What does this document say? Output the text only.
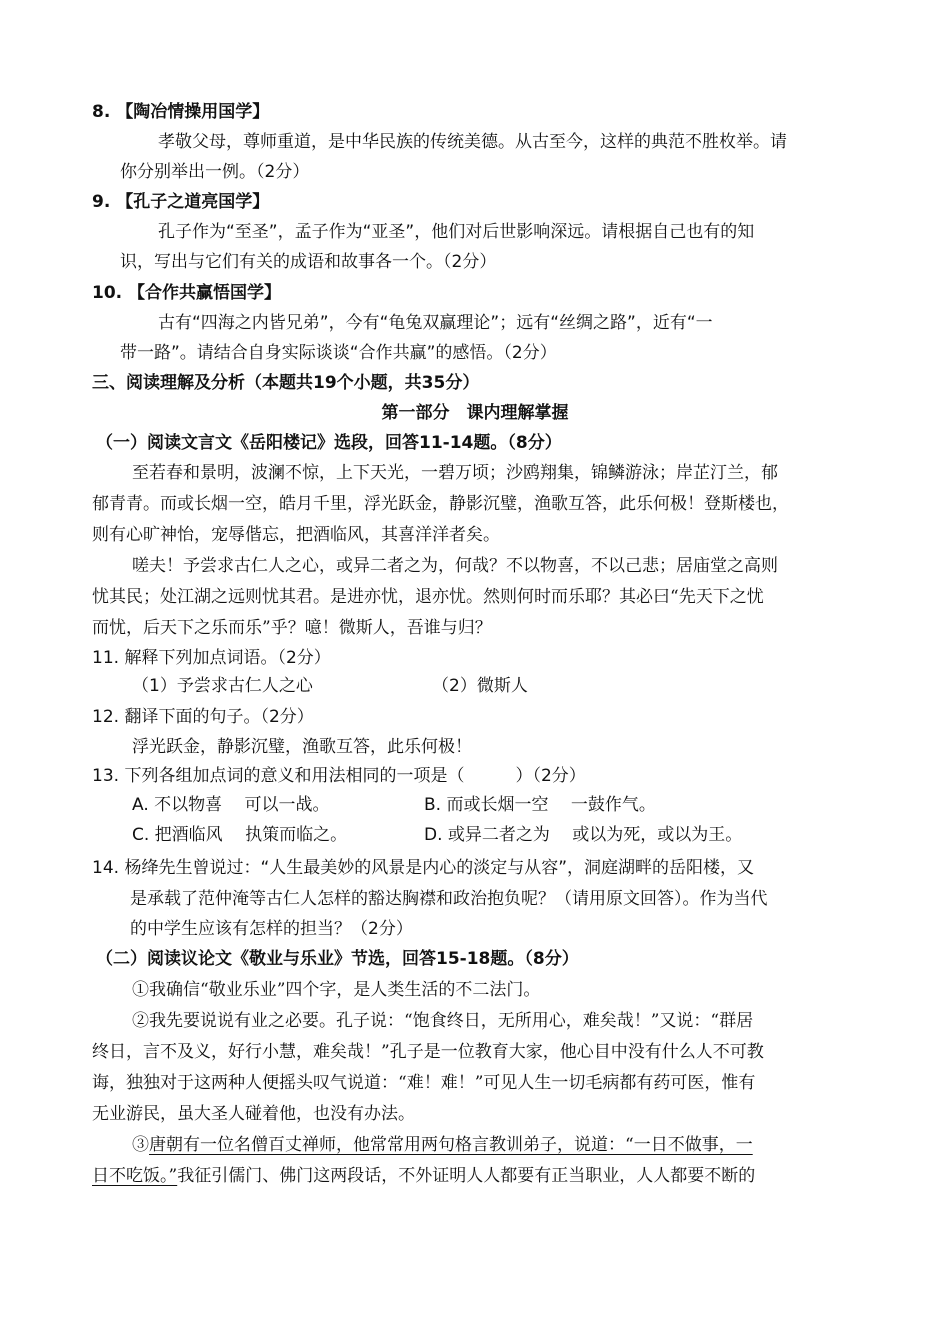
8. 【陶冶情操用国学】
孝敬父母，尊师重道，是中华民族的传统美德。从古至今，这样的典范不胜枚举。请
你分别举出一例。（2分）
9. 【孔子之道亮国学】
孔子作为“至圣”，孟子作为“亚圣”，他们对后世影响深远。请根据自己也有的知
识，写出与它们有关的成语和故事各一个。（2分）
10. 【合作共赢悟国学】
古有“四海之内皆兄弟”，今有“龟兔双赢理论”；远有“丝绸之路”，近有“一
带一路”。请结合自身实际谈谈“合作共赢”的感悟。（2分）
三、阅读理解及分析（本题共19个小题，共35分）
第一部分　课内理解掌握
（一）阅读文言文《岳阳楼记》选段，回答11-14题。（8分）
至若春和景明，波澜不惊，上下天光，一碧万顷；沙鸥翔集，锦鳞游泳；岸芷汀兰，郁
郁青青。而或长烟一空，皓月千里，浮光跃金，静影沉璧，渔歌互答，此乐何极！登斯楼也，
则有心旷神怡，宠辱偕忘，把酒临风，其喜洋洋者矣。
嗟夫！予尝求古仁人之心，或异二者之为，何哉？不以物喜，不以己悲；居庙堂之高则
忧其民；处江湖之远则忧其君。是进亦忧，退亦忧。然则何时而乐耶？其必曰“先天下之忧
而忧，后天下之乐而乐”乎？噫！微斯人，吾谁与归？
11. 解释下列加点词语。（2分）
（1）予尝求古仁人之心	（2）微斯人
12. 翻译下面的句子。（2分）
浮光跃金，静影沉璧，渔歌互答，此乐何极！
13. 下列各组加点词的意义和用法相同的一项是（　　　）（2分）
A. 不以物喜　 可以一战。	B. 而或长烟一空　 一鼓作气。
C. 把酒临风　 执策而临之。	D. 或异二者之为　 或以为死，或以为王。
14. 杨绛先生曾说过：“人生最美妙的风景是内心的淡定与从容”，洞庭湖畔的岳阳楼，又
是承载了范仲淹等古仁人怎样的豁达胸襟和政治抱负呢？（请用原文回答）。作为当代
的中学生应该有怎样的担当？（2分）
（二）阅读议论文《敬业与乐业》节选，回答15-18题。（8分）
①我确信“敬业乐业”四个字，是人类生活的不二法门。
②我先要说说有业之必要。孔子说：“饱食终日，无所用心，难矣哉！”又说：“群居
终日，言不及义，好行小慧，难矣哉！”孔子是一位教育大家，他心目中没有什么人不可教
诲，独独对于这两种人便摇头叹气说道：“难！难！”可见人生一切毛病都有药可医，惟有
无业游民，虽大圣人碰着他，也没有办法。
③唐朝有一位名僧百丈禅师，他常常用两句格言教训弟子，说道：“一日不做事，一
日不吃饭。”我征引儒门、佛门这两段话，不外证明人人都要有正当职业，人人都要不断的
